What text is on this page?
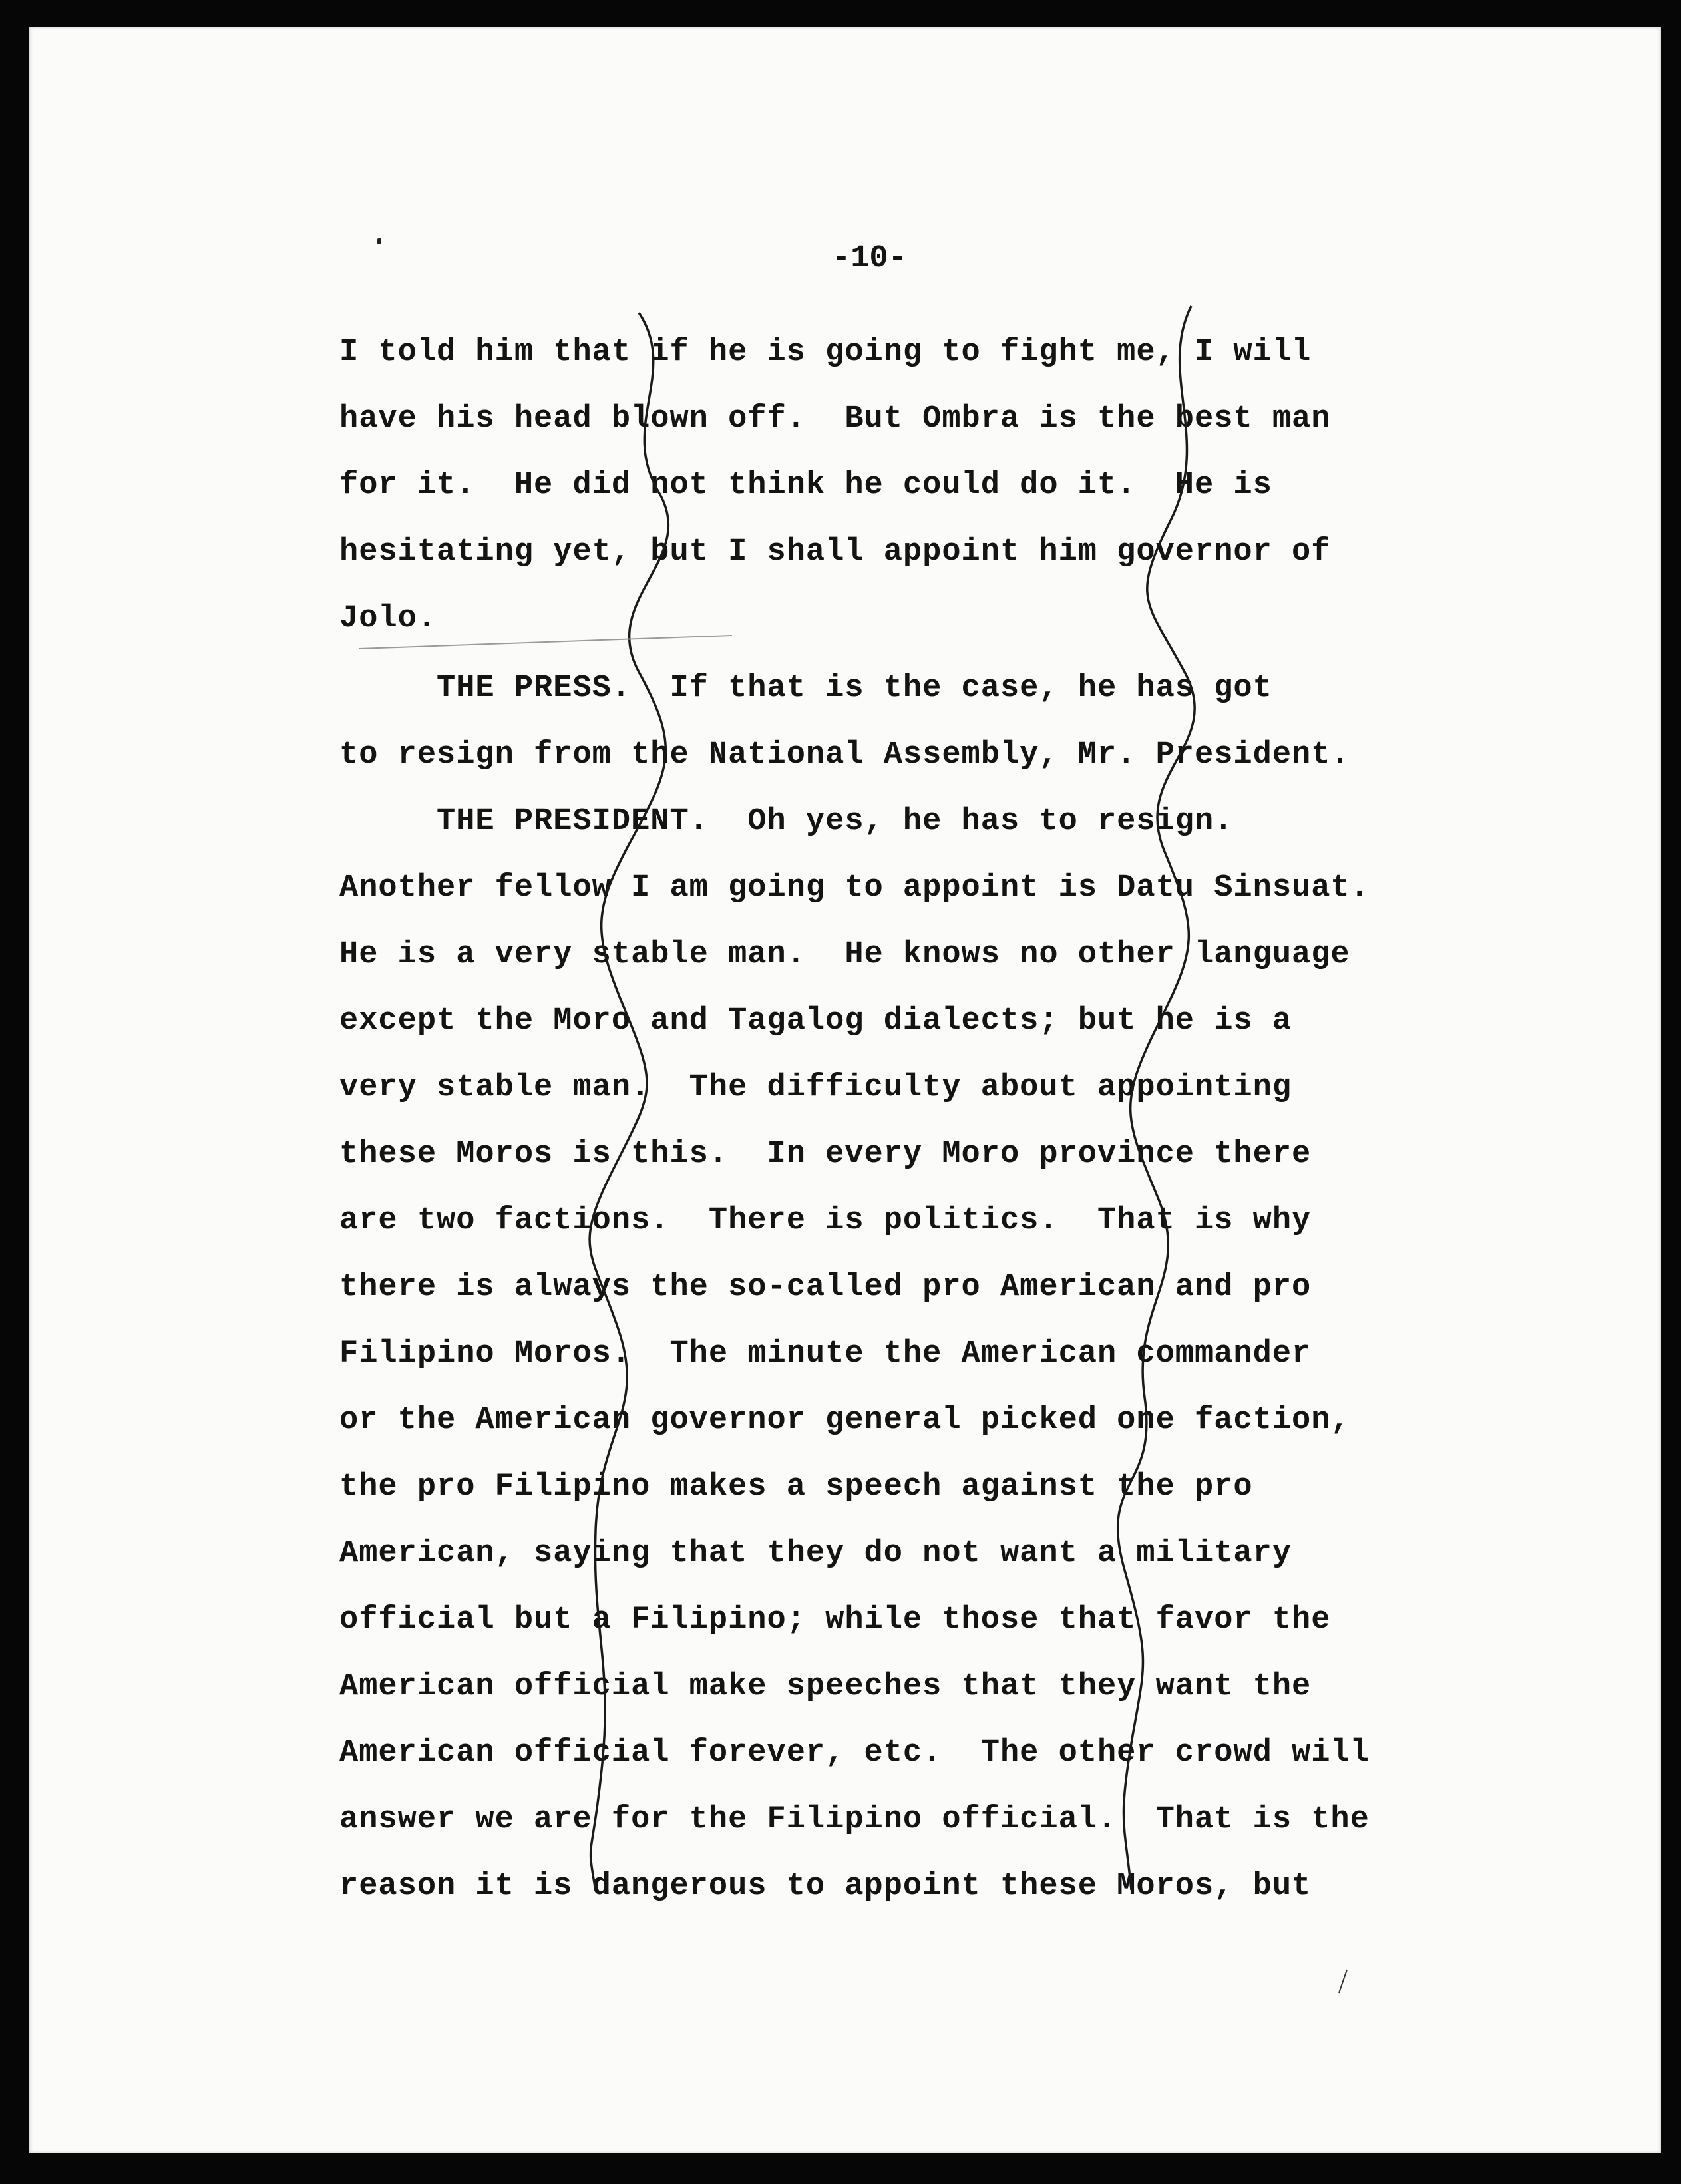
-10-
I told him that if he is going to fight me, I will
have his head blown off.  But Ombra is the best man
for it.  He did not think he could do it.  He is
hesitating yet, but I shall appoint him governor of
Jolo.
THE PRESS.  If that is the case, he has got
to resign from the National Assembly, Mr. President.
THE PRESIDENT.  Oh yes, he has to resign.
Another fellow I am going to appoint is Datu Sinsuat.
He is a very stable man.  He knows no other language
except the Moro and Tagalog dialects; but he is a
very stable man.  The difficulty about appointing
these Moros is this.  In every Moro province there
are two factions.  There is politics.  That is why
there is always the so-called pro American and pro
Filipino Moros.  The minute the American commander
or the American governor general picked one faction,
the pro Filipino makes a speech against the pro
American, saying that they do not want a military
official but a Filipino; while those that favor the
American official make speeches that they want the
American official forever, etc.  The other crowd will
answer we are for the Filipino official.  That is the
reason it is dangerous to appoint these Moros, but
